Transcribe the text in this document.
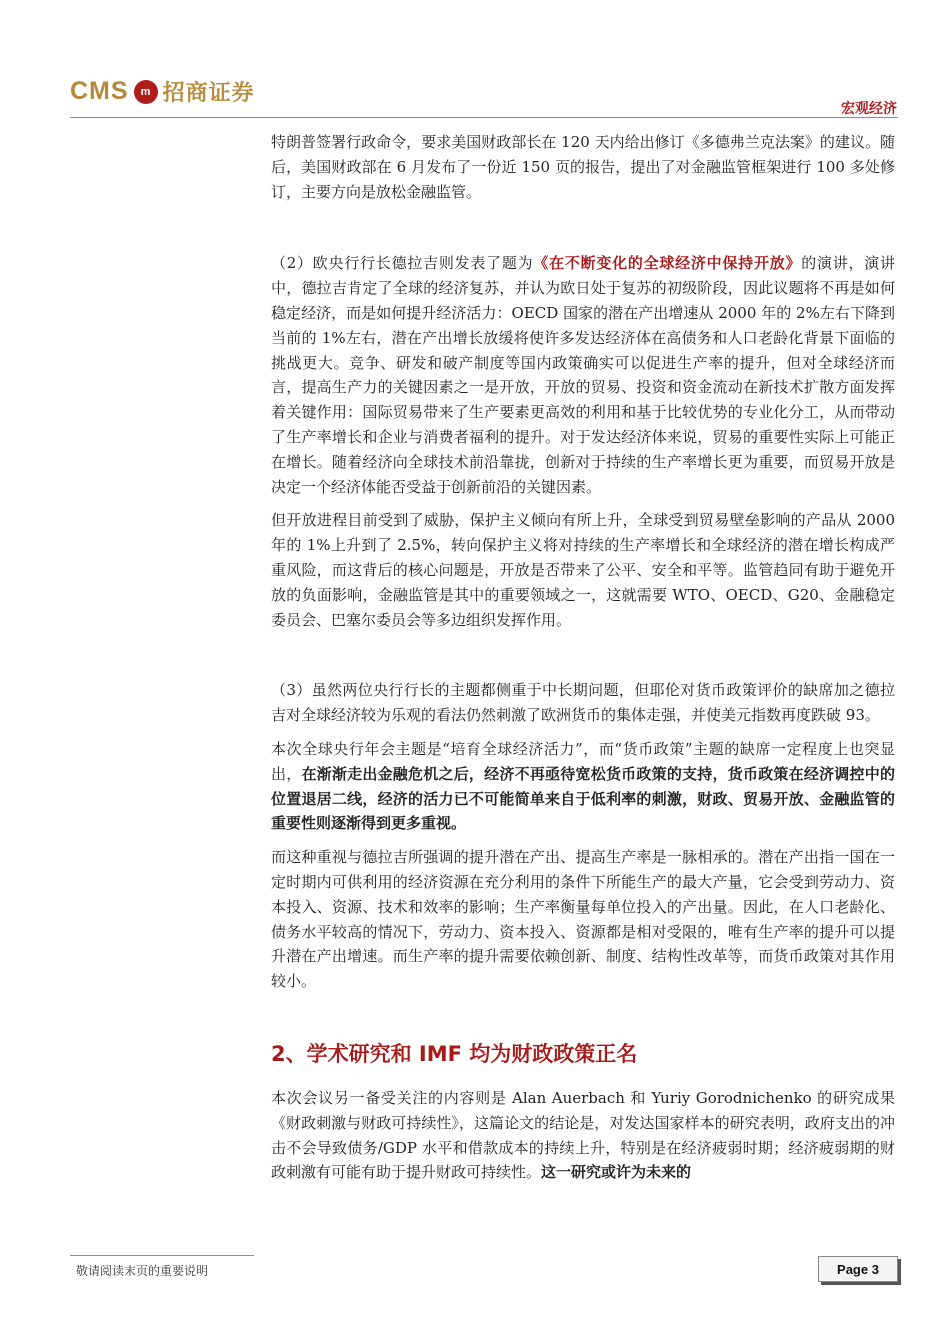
CMS m 招商证券
宏观经济

特朗普签署行政命令，要求美国财政部长在 120 天内给出修订《多德弗兰克法案》的建议。随后，美国财政部在 6 月发布了一份近 150 页的报告，提出了对金融监管框架进行 100 多处修订，主要方向是放松金融监管。

（2）欧央行行长德拉吉则发表了题为《在不断变化的全球经济中保持开放》的演讲，演讲中，德拉吉肯定了全球的经济复苏，并认为欧日处于复苏的初级阶段，因此议题将不再是如何稳定经济，而是如何提升经济活力：OECD 国家的潜在产出增速从 2000 年的 2%左右下降到当前的 1%左右，潜在产出增长放缓将使许多发达经济体在高债务和人口老龄化背景下面临的挑战更大。竞争、研发和破产制度等国内政策确实可以促进生产率的提升，但对全球经济而言，提高生产力的关键因素之一是开放，开放的贸易、投资和资金流动在新技术扩散方面发挥着关键作用：国际贸易带来了生产要素更高效的利用和基于比较优势的专业化分工，从而带动了生产率增长和企业与消费者福利的提升。对于发达经济体来说，贸易的重要性实际上可能正在增长。随着经济向全球技术前沿靠拢，创新对于持续的生产率增长更为重要，而贸易开放是决定一个经济体能否受益于创新前沿的关键因素。

但开放进程目前受到了威胁，保护主义倾向有所上升，全球受到贸易壁垒影响的产品从 2000 年的 1%上升到了 2.5%，转向保护主义将对持续的生产率增长和全球经济的潜在增长构成严重风险，而这背后的核心问题是，开放是否带来了公平、安全和平等。监管趋同有助于避免开放的负面影响，金融监管是其中的重要领域之一，这就需要 WTO、OECD、G20、金融稳定委员会、巴塞尔委员会等多边组织发挥作用。

（3）虽然两位央行行长的主题都侧重于中长期问题，但耶伦对货币政策评价的缺席加之德拉吉对全球经济较为乐观的看法仍然刺激了欧洲货币的集体走强，并使美元指数再度跌破 93。

本次全球央行年会主题是“培育全球经济活力”，而“货币政策”主题的缺席一定程度上也突显出，在渐渐走出金融危机之后，经济不再亟待宽松货币政策的支持，货币政策在经济调控中的位置退居二线，经济的活力已不可能简单来自于低利率的刺激，财政、贸易开放、金融监管的重要性则逐渐得到更多重视。

而这种重视与德拉吉所强调的提升潜在产出、提高生产率是一脉相承的。潜在产出指一国在一定时期内可供利用的经济资源在充分利用的条件下所能生产的最大产量，它会受到劳动力、资本投入、资源、技术和效率的影响；生产率衡量每单位投入的产出量。因此，在人口老龄化、债务水平较高的情况下，劳动力、资本投入、资源都是相对受限的，唯有生产率的提升可以提升潜在产出增速。而生产率的提升需要依赖创新、制度、结构性改革等，而货币政策对其作用较小。

2、学术研究和 IMF 均为财政政策正名

本次会议另一备受关注的内容则是 Alan Auerbach 和 Yuriy Gorodnichenko 的研究成果《财政刺激与财政可持续性》，这篇论文的结论是，对发达国家样本的研究表明，政府支出的冲击不会导致债务/GDP 水平和借款成本的持续上升，特别是在经济疲弱时期；经济疲弱期的财政刺激有可能有助于提升财政可持续性。这一研究或许为未来的

敬请阅读末页的重要说明	Page 3
